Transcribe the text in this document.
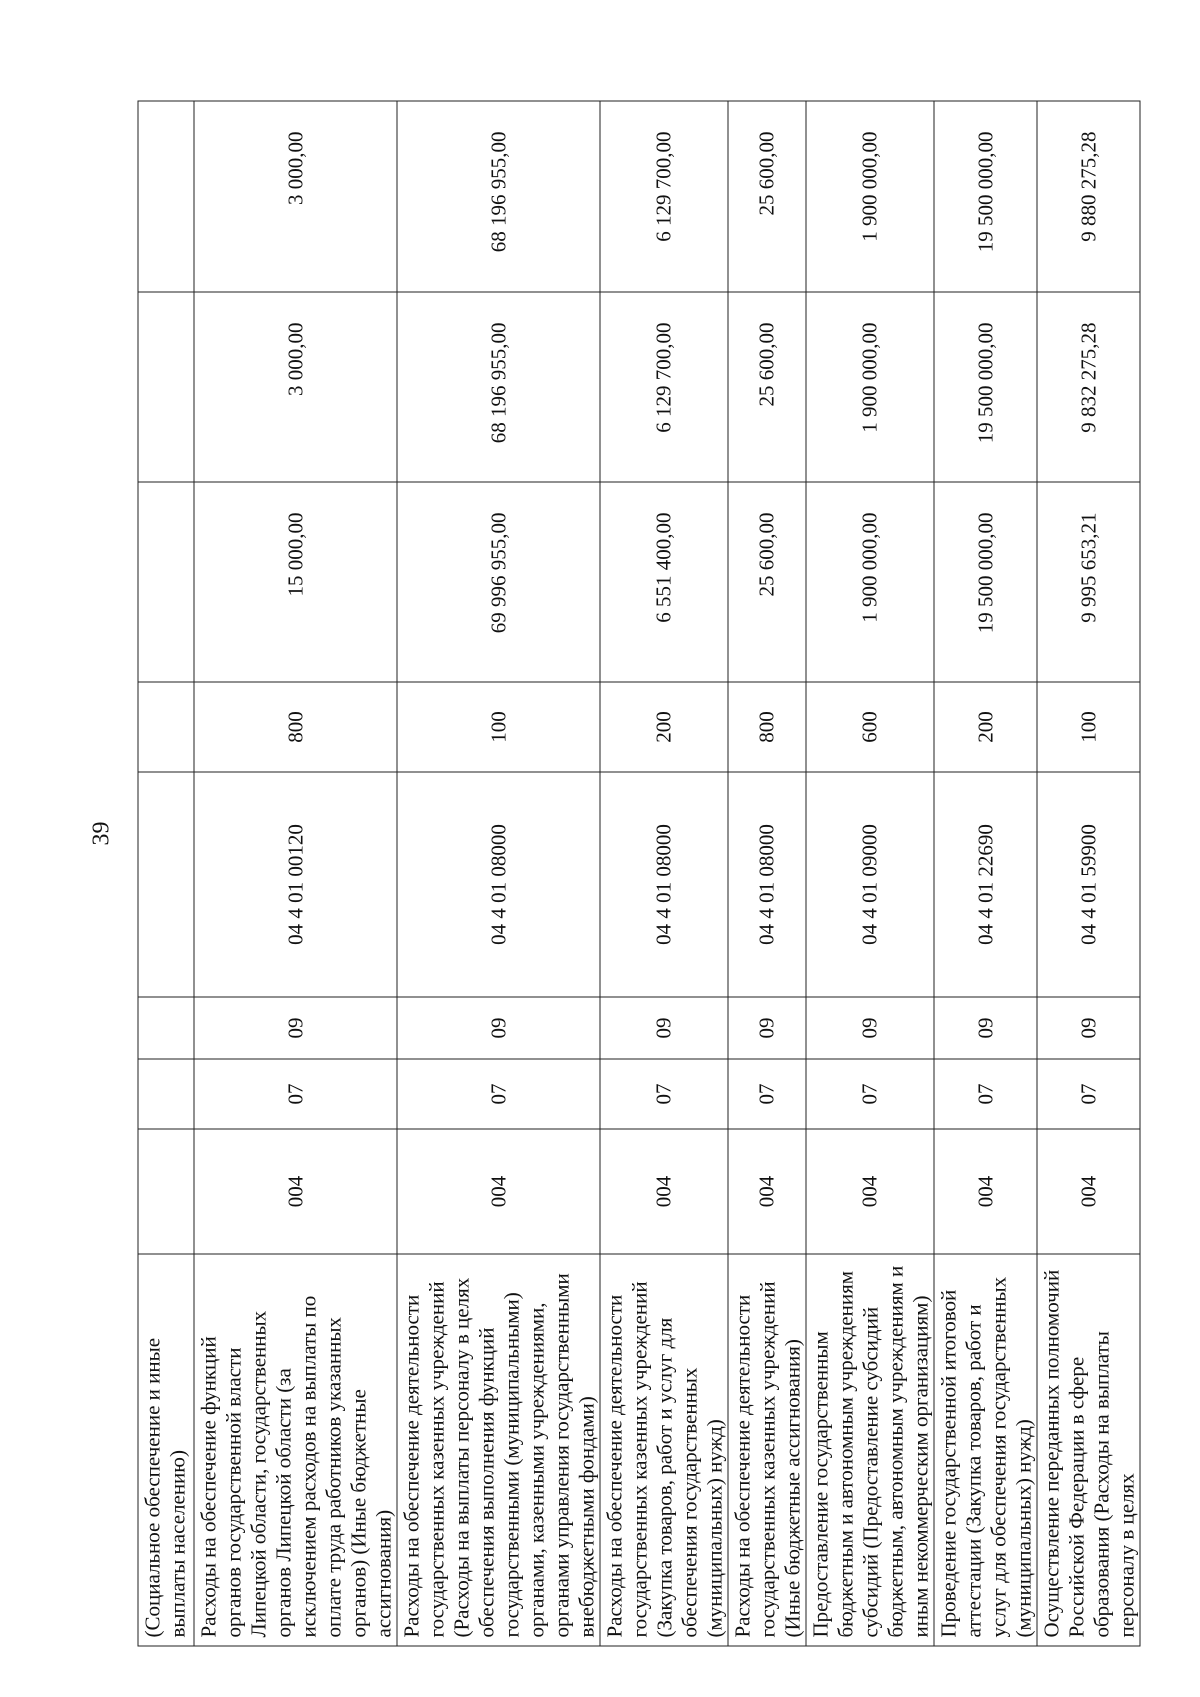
39
(Социальное обеспечение и иные выплаты населению)								
Расходы на обеспечение функций органов государственной власти Липецкой области, государственных органов Липецкой области (за исключением расходов на выплаты по оплате труда работников указанных органов) (Иные бюджетные ассигнования)	004	07	09	04 4 01 00120	800	15 000,00	3 000,00	3 000,00
Расходы на обеспечение деятельности государственных казенных учреждений (Расходы на выплаты персоналу в целях обеспечения выполнения функций государственными (муниципальными) органами, казенными учреждениями, органами управления государственными внебюджетными фондами)	004	07	09	04 4 01 08000	100	69 996 955,00	68 196 955,00	68 196 955,00
Расходы на обеспечение деятельности государственных казенных учреждений (Закупка товаров, работ и услуг для обеспечения государственных (муниципальных) нужд)	004	07	09	04 4 01 08000	200	6 551 400,00	6 129 700,00	6 129 700,00
Расходы на обеспечение деятельности государственных казенных учреждений (Иные бюджетные ассигнования)	004	07	09	04 4 01 08000	800	25 600,00	25 600,00	25 600,00
Предоставление государственным бюджетным и автономным учреждениям субсидий (Предоставление субсидий бюджетным, автономным учреждениям и иным некоммерческим организациям)	004	07	09	04 4 01 09000	600	1 900 000,00	1 900 000,00	1 900 000,00
Проведение государственной итоговой аттестации (Закупка товаров, работ и услуг для обеспечения государственных (муниципальных) нужд)	004	07	09	04 4 01 22690	200	19 500 000,00	19 500 000,00	19 500 000,00
Осуществление переданных полномочий Российской Федерации в сфере образования (Расходы на выплаты персоналу в целях	004	07	09	04 4 01 59900	100	9 995 653,21	9 832 275,28	9 880 275,28
